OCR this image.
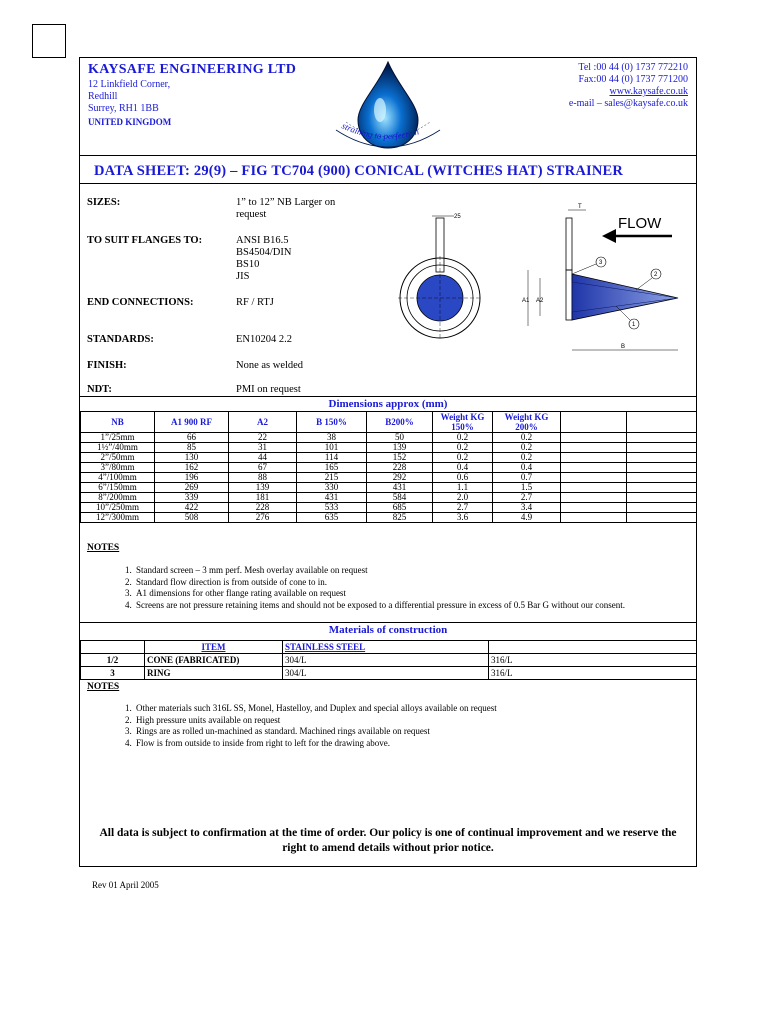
KAYSAFE ENGINEERING LTD
12 Linkfield Corner,
Redhill
Surrey, RH1 1BB
UNITED KINGDOM	straining to perfection
Tel :00 44 (0) 1737 772210
Fax:00 44 (0) 1737 771200
www.kaysafe.co.uk
e-mail – sales@kaysafe.co.uk
DATA SHEET: 29(9) – FIG TC704 (900) CONICAL (WITCHES HAT) STRAINER
SIZES:	1” to 12” NB Larger on
request
TO SUIT FLANGES TO:	ANSI B16.5
BS4504/DIN
BS10
JIS
END CONNECTIONS:	RF / RTJ
STANDARDS:	EN10204 2.2
FINISH:	None as welded
NDT:	PMI on request
25
T
A1 A2
B
3
2
1
FLOW
Dimensions approx (mm)
NB	A1 900 RF	A2	B 150%	B200%	Weight KG 150%	Weight KG 200%		
1”/25mm	66	22	38	50	0.2	0.2		
1½”/40mm	85	31	101	139	0.2	0.2		
2”/50mm	130	44	114	152	0.2	0.2		
3”/80mm	162	67	165	228	0.4	0.4		
4”/100mm	196	88	215	292	0.6	0.7		
6”/150mm	269	139	330	431	1.1	1.5		
8”/200mm	339	181	431	584	2.0	2.7		
10”/250mm	422	228	533	685	2.7	3.4		
12”/300mm	508	276	635	825	3.6	4.9		
NOTES
1. Standard screen – 3 mm perf. Mesh overlay available on request
2. Standard flow direction is from outside of cone to in.
3. A1 dimensions for other flange rating available on request
4. Screens are not pressure retaining items and should not be exposed to a differential pressure in excess of 0.5 Bar G without our consent.
Materials of construction
	ITEM	STAINLESS STEEL	
1/2	CONE (FABRICATED)	304/L	316/L
3	RING	304/L	316/L
NOTES
1. Other materials such 316L SS, Monel, Hastelloy, and Duplex and special alloys available on request
2. High pressure units available on request
3. Rings are as rolled un-machined as standard. Machined rings available on request
4. Flow is from outside to inside from right to left for the drawing above.
All data is subject to confirmation at the time of order. Our policy is one of continual improvement and we reserve the right to amend details without prior notice.
Rev 01 April 2005
